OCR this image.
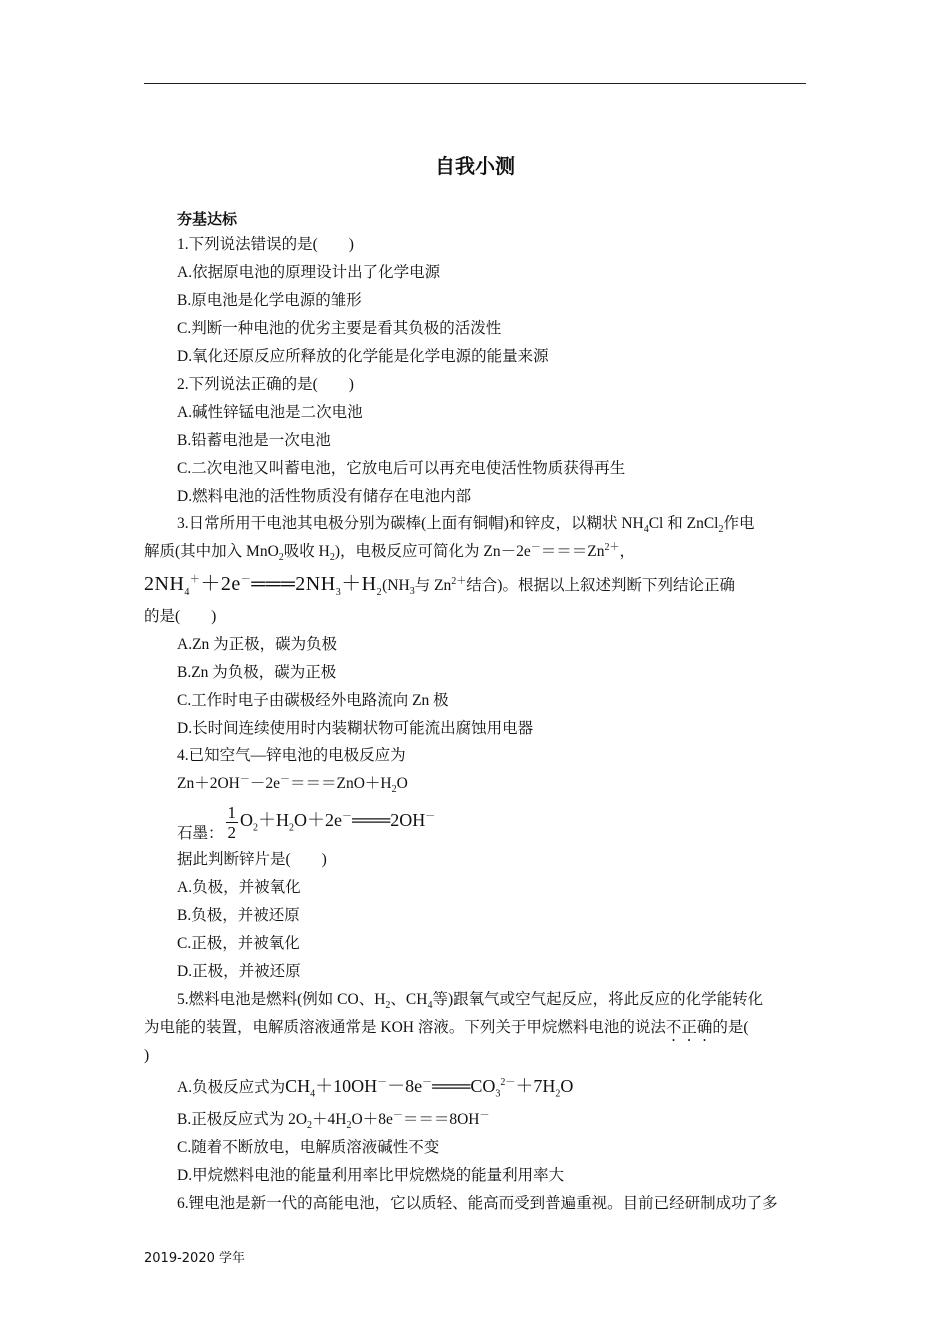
自我小测
夯基达标
1.下列说法错误的是(　　)
A.依据原电池的原理设计出了化学电源
B.原电池是化学电源的雏形
C.判断一种电池的优劣主要是看其负极的活泼性
D.氧化还原反应所释放的化学能是化学电源的能量来源
2.下列说法正确的是(　　)
A.碱性锌锰电池是二次电池
B.铅蓄电池是一次电池
C.二次电池又叫蓄电池，它放电后可以再充电使活性物质获得再生
D.燃料电池的活性物质没有储存在电池内部
3.日常所用干电池其电极分别为碳棒(上面有铜帽)和锌皮，以糊状 $NH_4Cl$ 和 ZnCl$_2$作电
解质(其中加入 MnO$_2$吸收 $H_2$)，电极反应可简化为 $Zn-2e^-===Zn^{2+}$，
$2NH_4^++2e^-═══2NH_3+H_2(NH_3$与 $Zn^{2+}$结合)。根据以上叙述判断下列结论正确
的是(　　)
A.Zn 为正极，碳为负极
B.Zn 为负极，碳为正极
C.工作时电子由碳极经外电路流向 Zn 极
D.长时间连续使用时内装糊状物可能流出腐蚀用电器
4.已知空气—锌电池的电极反应为
$Zn+2OH^--2e^-===ZnO+H_2O$
石墨： $\frac{1}{2}$ $O_2+H_2O+2e^-═══2OH^-$
据此判断锌片是(　　)
A.负极，并被氧化
B.负极，并被还原
C.正极，并被氧化
D.正极，并被还原
5.燃料电池是燃料(例如 CO、$H_2$、$CH_4$等)跟氧气或空气起反应，将此反应的化学能转化
为电能的装置，电解质溶液通常是 KOH 溶液。下列关于甲烷燃料电池的说法不正确的是(
)
A.负极反应式为$CH_4+10OH^--8e^-═══CO_3^{2-}+7H_2O$
B.正极反应式为 $2O_2+4H_2O+8e^-===8OH^-$
C.随着不断放电，电解质溶液碱性不变
D.甲烷燃料电池的能量利用率比甲烷燃烧的能量利用率大
6.锂电池是新一代的高能电池，它以质轻、能高而受到普遍重视。目前已经研制成功了多
2019-2020 学年
